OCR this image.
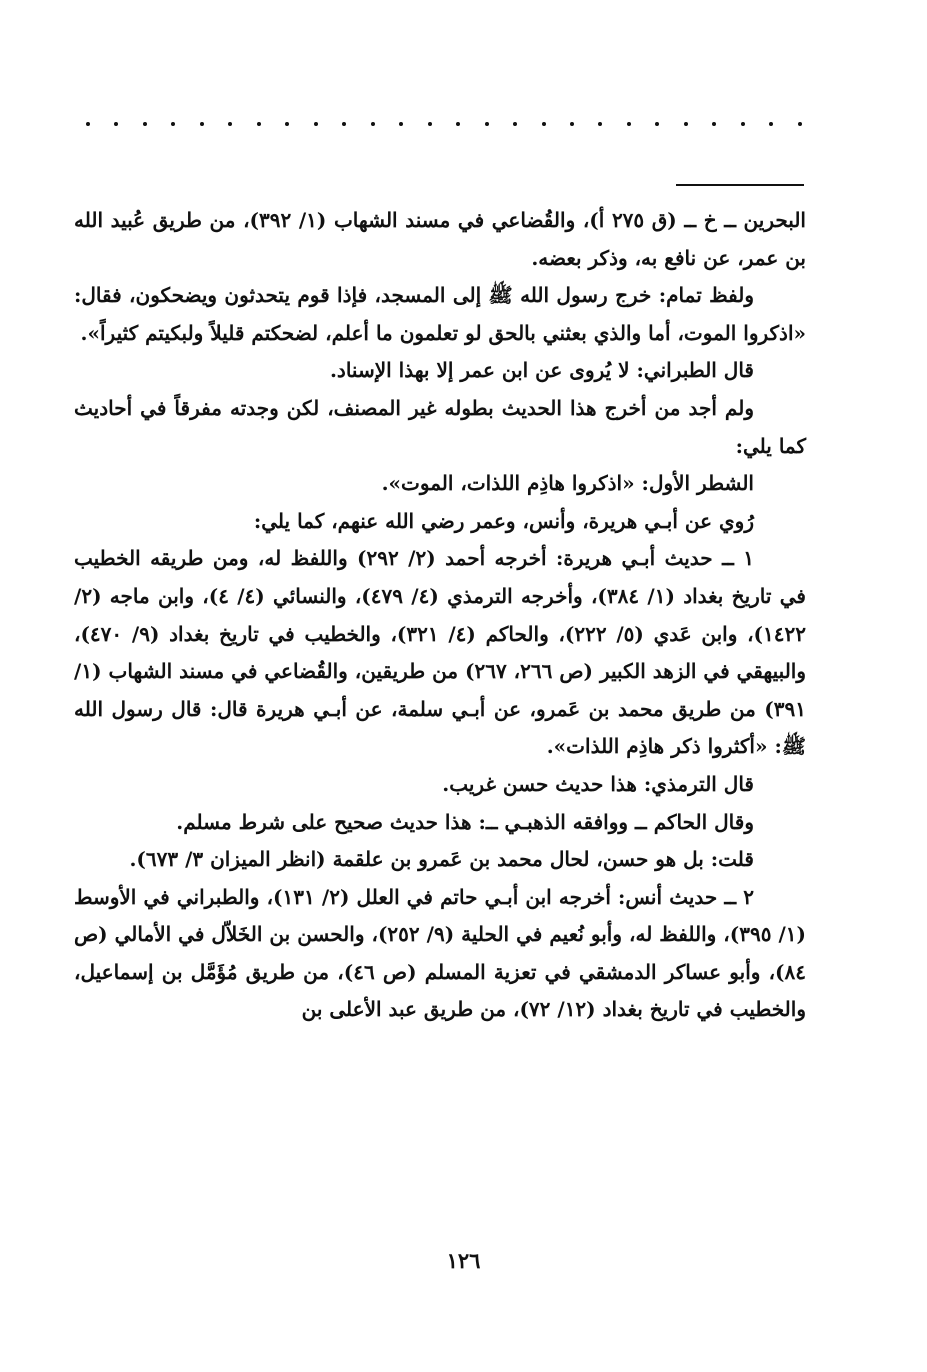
البحرين ــ خ ــ (ق ٢٧٥ أ)، والقُضاعي في مسند الشهاب (١/ ٣٩٢)، من طريق عُبيد الله بن عمر، عن نافع به، وذكر بعضه.

ولفظ تمام: خرج رسول الله ﷺ إلى المسجد، فإذا قوم يتحدثون ويضحكون، فقال: «اذكروا الموت، أما والذي بعثني بالحق لو تعلمون ما أعلم، لضحكتم قليلاً ولبكيتم كثيراً».

قال الطبراني: لا يُروى عن ابن عمر إلا بهذا الإسناد.

ولم أجد من أخرج هذا الحديث بطوله غير المصنف، لكن وجدته مفرقاً في أحاديث كما يلي:

الشطر الأول: «اذكروا هاذِم اللذات، الموت».

رُوي عن أبـي هريرة، وأنس، وعمر رضي الله عنهم، كما يلي:

١ ــ حديث أبـي هريرة: أخرجه أحمد (٢/ ٢٩٢) واللفظ له، ومن طريقه الخطيب في تاريخ بغداد (١/ ٣٨٤)، وأخرجه الترمذي (٤/ ٤٧٩)، والنسائي (٤/ ٤)، وابن ماجه (٢/ ١٤٢٢)، وابن عَدي (٥/ ٢٢٢)، والحاكم (٤/ ٣٢١)، والخطيب في تاريخ بغداد (٩/ ٤٧٠)، والبيهقي في الزهد الكبير (ص ٢٦٦، ٢٦٧) من طريقين، والقُضاعي في مسند الشهاب (١/ ٣٩١) من طريق محمد بن عَمرو، عن أبـي سلمة، عن أبـي هريرة قال: قال رسول الله ﷺ: «أكثروا ذكر هاذِم اللذات».

قال الترمذي: هذا حديث حسن غريب.

وقال الحاكم ــ ووافقه الذهبـي ــ: هذا حديث صحيح على شرط مسلم.

قلت: بل هو حسن، لحال محمد بن عَمرو بن علقمة (انظر الميزان ٣/ ٦٧٣).

٢ ــ حديث أنس: أخرجه ابن أبـي حاتم في العلل (٢/ ١٣١)، والطبراني في الأوسط (١/ ٣٩٥)، واللفظ له، وأبو نُعيم في الحلية (٩/ ٢٥٢)، والحسن بن الخَلاّل في الأمالي (ص ٨٤)، وأبو عساكر الدمشقي في تعزية المسلم (ص ٤٦)، من طريق مُؤَمَّل بن إسماعيل، والخطيب في تاريخ بغداد (١٢/ ٧٢)، من طريق عبد الأعلى بن

١٢٦
